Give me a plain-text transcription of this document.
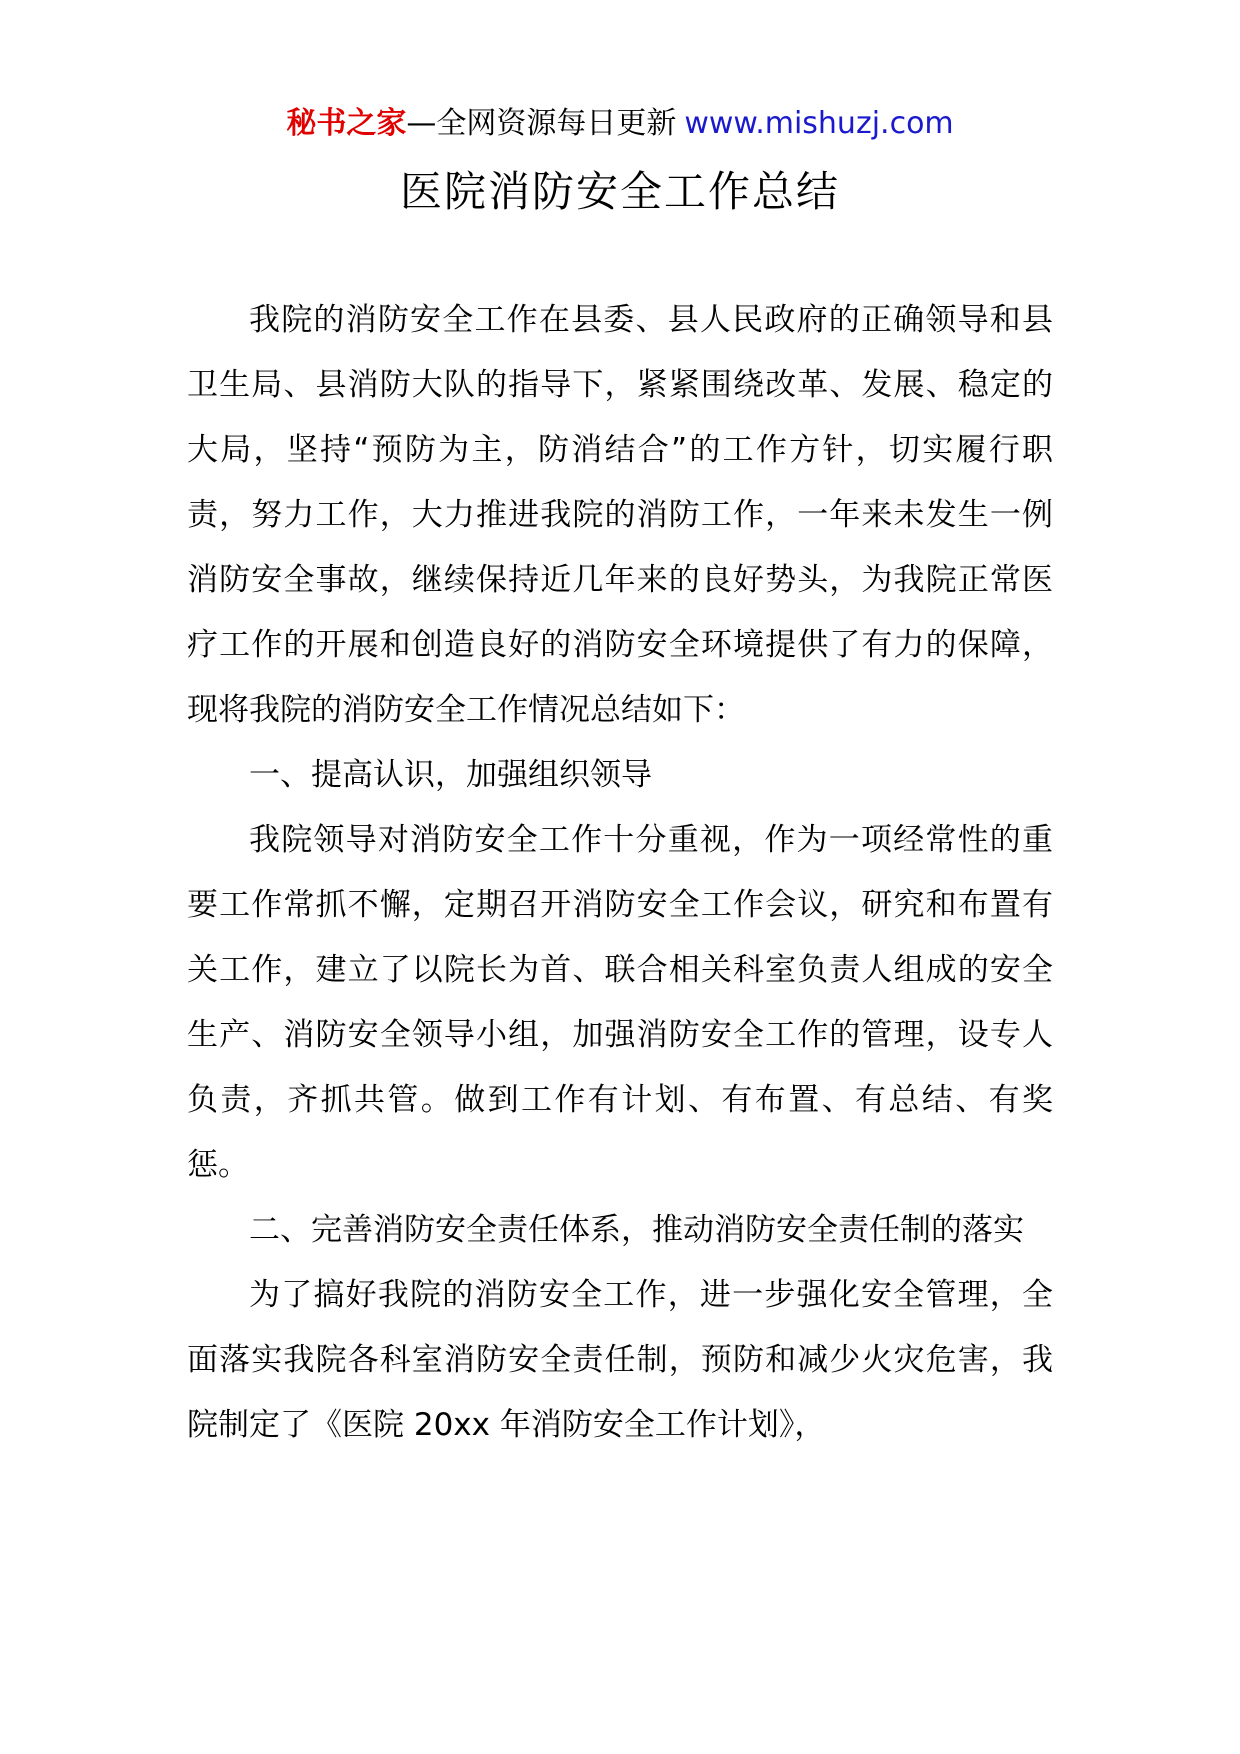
秘书之家—全网资源每日更新 www.mishuzj.com
医院消防安全工作总结

我院的消防安全工作在县委、县人民政府的正确领导和县卫生局、县消防大队的指导下，紧紧围绕改革、发展、稳定的大局，坚持“预防为主，防消结合”的工作方针，切实履行职责，努力工作，大力推进我院的消防工作，一年来未发生一例消防安全事故，继续保持近几年来的良好势头，为我院正常医疗工作的开展和创造良好的消防安全环境提供了有力的保障，现将我院的消防安全工作情况总结如下：

一、提高认识，加强组织领导

我院领导对消防安全工作十分重视，作为一项经常性的重要工作常抓不懈，定期召开消防安全工作会议，研究和布置有关工作，建立了以院长为首、联合相关科室负责人组成的安全生产、消防安全领导小组，加强消防安全工作的管理，设专人负责，齐抓共管。做到工作有计划、有布置、有总结、有奖惩。

二、完善消防安全责任体系，推动消防安全责任制的落实

为了搞好我院的消防安全工作，进一步强化安全管理，全面落实我院各科室消防安全责任制，预防和减少火灾危害，我院制定了《医院 20xx 年消防安全工作计划》，
